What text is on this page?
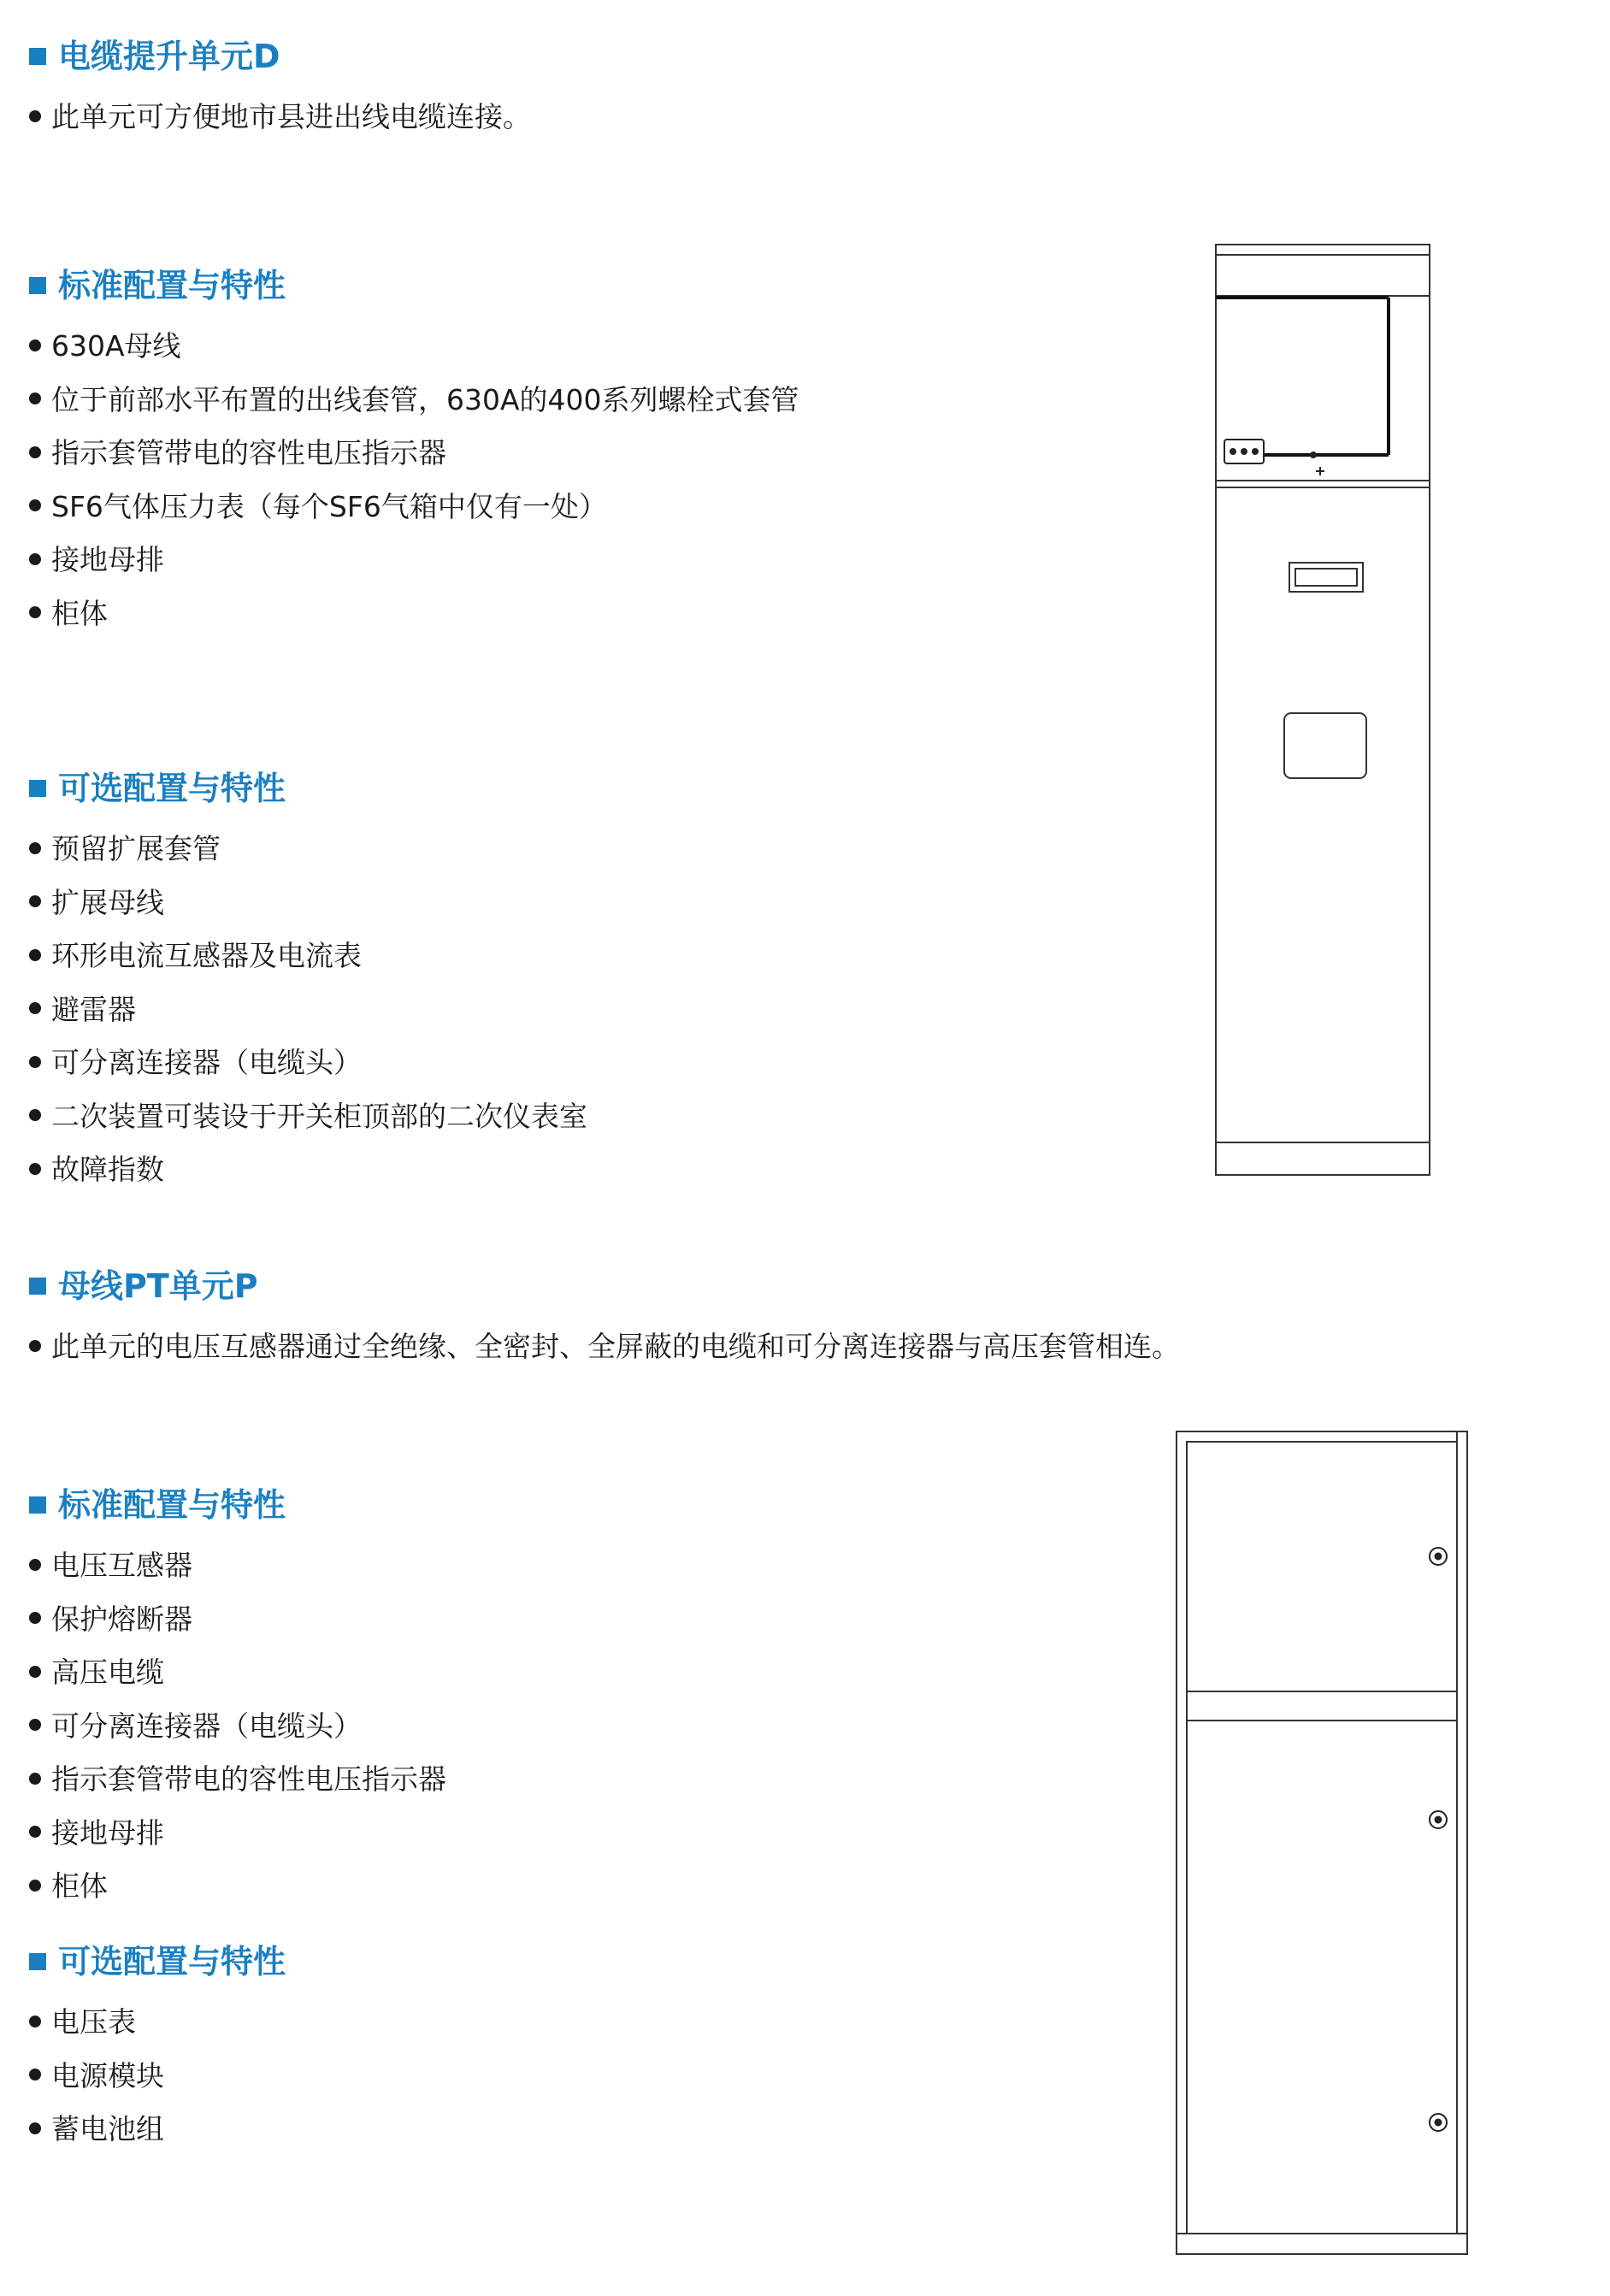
电缆提升单元D
此单元可方便地市县进出线电缆连接。
标准配置与特性
630A母线
位于前部水平布置的出线套管，630A的400系列螺栓式套管
指示套管带电的容性电压指示器
SF6气体压力表（每个SF6气箱中仅有一处）
接地母排
柜体
可选配置与特性
预留扩展套管
扩展母线
环形电流互感器及电流表
避雷器
可分离连接器（电缆头）
二次装置可装设于开关柜顶部的二次仪表室
故障指数
母线PT单元P
此单元的电压互感器通过全绝缘、全密封、全屏蔽的电缆和可分离连接器与高压套管相连。
标准配置与特性
电压互感器
保护熔断器
高压电缆
可分离连接器（电缆头）
指示套管带电的容性电压指示器
接地母排
柜体
可选配置与特性
电压表
电源模块
蓄电池组
